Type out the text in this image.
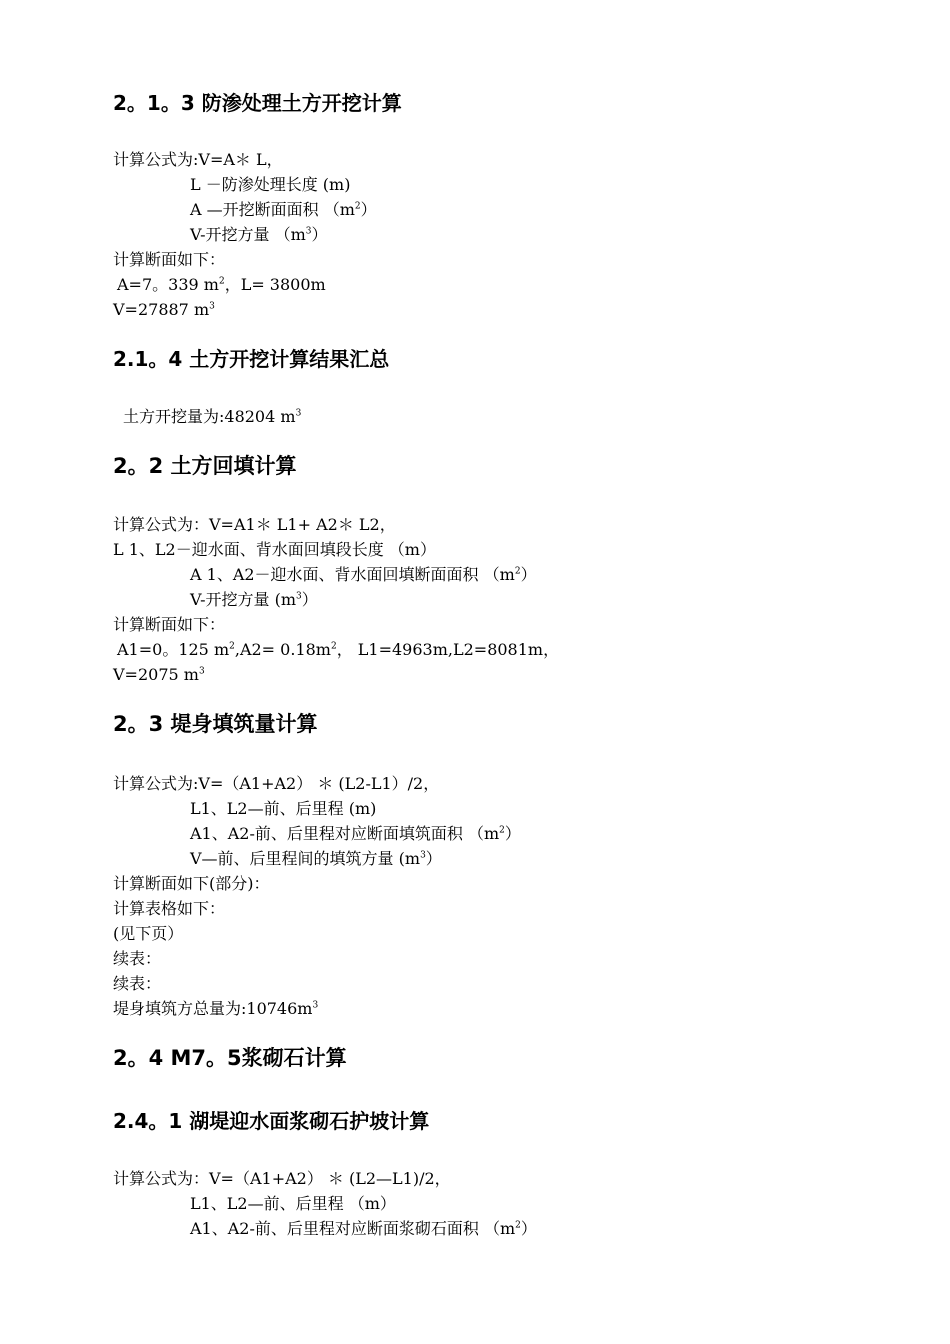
2。1。3 防渗处理土方开挖计算
计算公式为:V=A＊ L，
L －防渗处理长度 (m)
A —开挖断面面积 $(m^2)$
V-开挖方量 $(m^3)$
计算断面如下：
A=7。339 $m^2$，L= 3800m
V=27887 $m^3$
2.1。4 土方开挖计算结果汇总
土方开挖量为:48204 $m^3$
2。2 土方回填计算
计算公式为：V=A1＊ L1+ A2＊ L2，
L 1、L2－迎水面、背水面回填段长度 （m）
A 1、A2－迎水面、背水面回填断面面积 $(m^2)$
V-开挖方量 $(m^3)$
计算断面如下：
A1=0。125 $m^2,A2= 0.18m^2$， L1=4963m,L2=8081m，
V=2075 $m^3$
2。3 堤身填筑量计算
计算公式为:V=（A1+A2） ＊ (L2-L1）/2，
L1、L2—前、后里程 (m)
A1、A2-前、后里程对应断面填筑面积 $(m^2)$
V—前、后里程间的填筑方量 $(m^3)$
计算断面如下(部分)：
计算表格如下：
(见下页）
续表：
续表：
堤身填筑方总量为$:10746m^3$
2。4 M7。5浆砌石计算
2.4。1 湖堤迎水面浆砌石护坡计算
计算公式为：V=（A1+A2） ＊ (L2—L1)/2，
L1、L2—前、后里程 （m）
A1、A2-前、后里程对应断面浆砌石面积 $(m^2)$
